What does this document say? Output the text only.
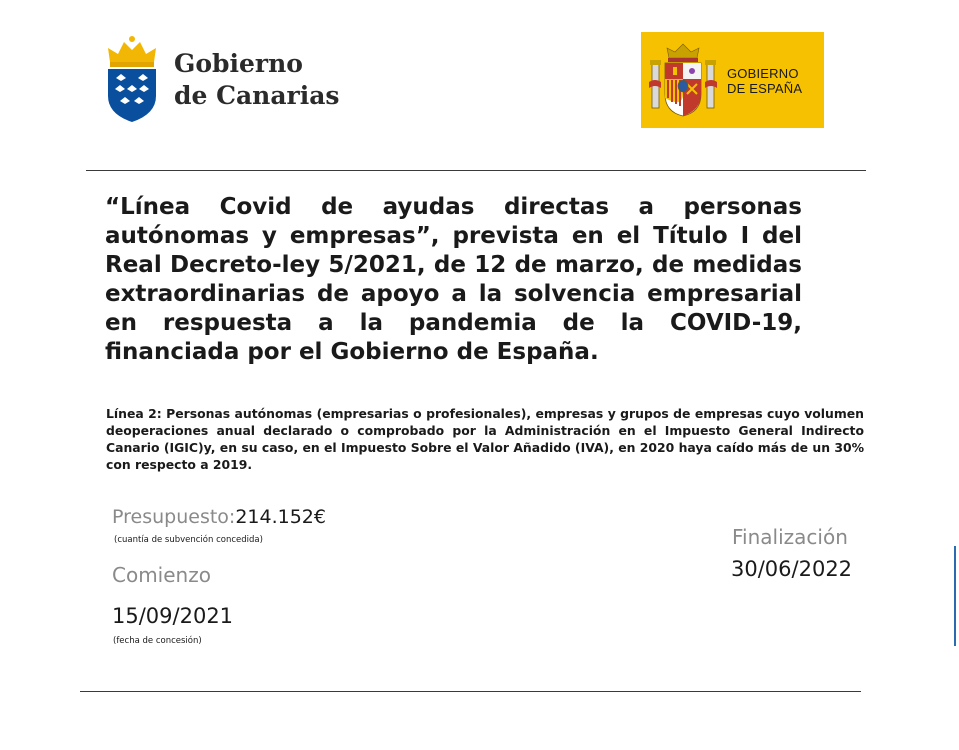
Gobierno
de Canarias
GOBIERNO
DE ESPAÑA
“Línea Covid de ayudas directas a personas autónomas y empresas”, prevista en el Título I del Real Decreto-ley 5/2021, de 12 de marzo, de medidas extraordinarias de apoyo a la solvencia empresarial en respuesta a la pandemia de la COVID-19, financiada por el Gobierno de España.
Línea 2: Personas autónomas (empresarias o profesionales), empresas y grupos de empresas cuyo volumen deoperaciones anual declarado o comprobado por la Administración en el Impuesto General Indirecto Canario (IGIC)y, en su caso, en el Impuesto Sobre el Valor Añadido (IVA), en 2020 haya caído más de un 30% con respecto a 2019.
Presupuesto:214.152€
(cuantía de subvención concedida)
Comienzo
15/09/2021
(fecha de concesión)
Finalización
30/06/2022
